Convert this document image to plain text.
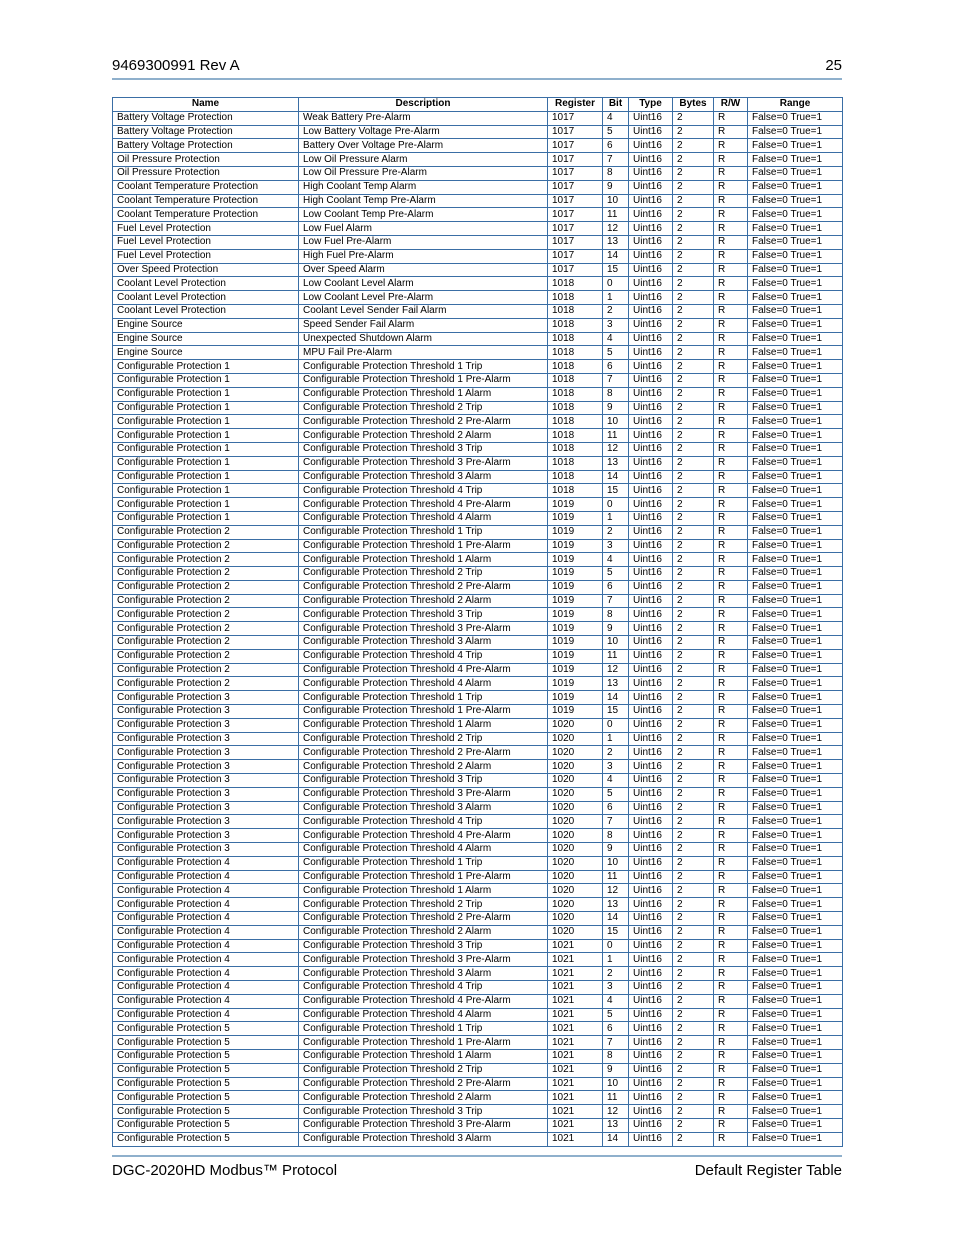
9469300991 Rev A	25
Name	Description	Register	Bit	Type	Bytes	R/W	Range
Battery Voltage Protection	Weak Battery Pre-Alarm	1017	4	Uint16	2	R	False=0 True=1
Battery Voltage Protection	Low Battery Voltage Pre-Alarm	1017	5	Uint16	2	R	False=0 True=1
Battery Voltage Protection	Battery Over Voltage Pre-Alarm	1017	6	Uint16	2	R	False=0 True=1
Oil Pressure Protection	Low Oil Pressure Alarm	1017	7	Uint16	2	R	False=0 True=1
Oil Pressure Protection	Low Oil Pressure Pre-Alarm	1017	8	Uint16	2	R	False=0 True=1
Coolant Temperature Protection	High Coolant Temp Alarm	1017	9	Uint16	2	R	False=0 True=1
Coolant Temperature Protection	High Coolant Temp Pre-Alarm	1017	10	Uint16	2	R	False=0 True=1
Coolant Temperature Protection	Low Coolant Temp Pre-Alarm	1017	11	Uint16	2	R	False=0 True=1
Fuel Level Protection	Low Fuel Alarm	1017	12	Uint16	2	R	False=0 True=1
Fuel Level Protection	Low Fuel Pre-Alarm	1017	13	Uint16	2	R	False=0 True=1
Fuel Level Protection	High Fuel Pre-Alarm	1017	14	Uint16	2	R	False=0 True=1
Over Speed Protection	Over Speed Alarm	1017	15	Uint16	2	R	False=0 True=1
Coolant Level Protection	Low Coolant Level Alarm	1018	0	Uint16	2	R	False=0 True=1
Coolant Level Protection	Low Coolant Level Pre-Alarm	1018	1	Uint16	2	R	False=0 True=1
Coolant Level Protection	Coolant Level Sender Fail Alarm	1018	2	Uint16	2	R	False=0 True=1
Engine Source	Speed Sender Fail Alarm	1018	3	Uint16	2	R	False=0 True=1
Engine Source	Unexpected Shutdown Alarm	1018	4	Uint16	2	R	False=0 True=1
Engine Source	MPU Fail Pre-Alarm	1018	5	Uint16	2	R	False=0 True=1
Configurable Protection 1	Configurable Protection Threshold 1 Trip	1018	6	Uint16	2	R	False=0 True=1
Configurable Protection 1	Configurable Protection Threshold 1 Pre-Alarm	1018	7	Uint16	2	R	False=0 True=1
Configurable Protection 1	Configurable Protection Threshold 1 Alarm	1018	8	Uint16	2	R	False=0 True=1
Configurable Protection 1	Configurable Protection Threshold 2 Trip	1018	9	Uint16	2	R	False=0 True=1
Configurable Protection 1	Configurable Protection Threshold 2 Pre-Alarm	1018	10	Uint16	2	R	False=0 True=1
Configurable Protection 1	Configurable Protection Threshold 2 Alarm	1018	11	Uint16	2	R	False=0 True=1
Configurable Protection 1	Configurable Protection Threshold 3 Trip	1018	12	Uint16	2	R	False=0 True=1
Configurable Protection 1	Configurable Protection Threshold 3 Pre-Alarm	1018	13	Uint16	2	R	False=0 True=1
Configurable Protection 1	Configurable Protection Threshold 3 Alarm	1018	14	Uint16	2	R	False=0 True=1
Configurable Protection 1	Configurable Protection Threshold 4 Trip	1018	15	Uint16	2	R	False=0 True=1
Configurable Protection 1	Configurable Protection Threshold 4 Pre-Alarm	1019	0	Uint16	2	R	False=0 True=1
Configurable Protection 1	Configurable Protection Threshold 4 Alarm	1019	1	Uint16	2	R	False=0 True=1
Configurable Protection 2	Configurable Protection Threshold 1 Trip	1019	2	Uint16	2	R	False=0 True=1
Configurable Protection 2	Configurable Protection Threshold 1 Pre-Alarm	1019	3	Uint16	2	R	False=0 True=1
Configurable Protection 2	Configurable Protection Threshold 1 Alarm	1019	4	Uint16	2	R	False=0 True=1
Configurable Protection 2	Configurable Protection Threshold 2 Trip	1019	5	Uint16	2	R	False=0 True=1
Configurable Protection 2	Configurable Protection Threshold 2 Pre-Alarm	1019	6	Uint16	2	R	False=0 True=1
Configurable Protection 2	Configurable Protection Threshold 2 Alarm	1019	7	Uint16	2	R	False=0 True=1
Configurable Protection 2	Configurable Protection Threshold 3 Trip	1019	8	Uint16	2	R	False=0 True=1
Configurable Protection 2	Configurable Protection Threshold 3 Pre-Alarm	1019	9	Uint16	2	R	False=0 True=1
Configurable Protection 2	Configurable Protection Threshold 3 Alarm	1019	10	Uint16	2	R	False=0 True=1
Configurable Protection 2	Configurable Protection Threshold 4 Trip	1019	11	Uint16	2	R	False=0 True=1
Configurable Protection 2	Configurable Protection Threshold 4 Pre-Alarm	1019	12	Uint16	2	R	False=0 True=1
Configurable Protection 2	Configurable Protection Threshold 4 Alarm	1019	13	Uint16	2	R	False=0 True=1
Configurable Protection 3	Configurable Protection Threshold 1 Trip	1019	14	Uint16	2	R	False=0 True=1
Configurable Protection 3	Configurable Protection Threshold 1 Pre-Alarm	1019	15	Uint16	2	R	False=0 True=1
Configurable Protection 3	Configurable Protection Threshold 1 Alarm	1020	0	Uint16	2	R	False=0 True=1
Configurable Protection 3	Configurable Protection Threshold 2 Trip	1020	1	Uint16	2	R	False=0 True=1
Configurable Protection 3	Configurable Protection Threshold 2 Pre-Alarm	1020	2	Uint16	2	R	False=0 True=1
Configurable Protection 3	Configurable Protection Threshold 2 Alarm	1020	3	Uint16	2	R	False=0 True=1
Configurable Protection 3	Configurable Protection Threshold 3 Trip	1020	4	Uint16	2	R	False=0 True=1
Configurable Protection 3	Configurable Protection Threshold 3 Pre-Alarm	1020	5	Uint16	2	R	False=0 True=1
Configurable Protection 3	Configurable Protection Threshold 3 Alarm	1020	6	Uint16	2	R	False=0 True=1
Configurable Protection 3	Configurable Protection Threshold 4 Trip	1020	7	Uint16	2	R	False=0 True=1
Configurable Protection 3	Configurable Protection Threshold 4 Pre-Alarm	1020	8	Uint16	2	R	False=0 True=1
Configurable Protection 3	Configurable Protection Threshold 4 Alarm	1020	9	Uint16	2	R	False=0 True=1
Configurable Protection 4	Configurable Protection Threshold 1 Trip	1020	10	Uint16	2	R	False=0 True=1
Configurable Protection 4	Configurable Protection Threshold 1 Pre-Alarm	1020	11	Uint16	2	R	False=0 True=1
Configurable Protection 4	Configurable Protection Threshold 1 Alarm	1020	12	Uint16	2	R	False=0 True=1
Configurable Protection 4	Configurable Protection Threshold 2 Trip	1020	13	Uint16	2	R	False=0 True=1
Configurable Protection 4	Configurable Protection Threshold 2 Pre-Alarm	1020	14	Uint16	2	R	False=0 True=1
Configurable Protection 4	Configurable Protection Threshold 2 Alarm	1020	15	Uint16	2	R	False=0 True=1
Configurable Protection 4	Configurable Protection Threshold 3 Trip	1021	0	Uint16	2	R	False=0 True=1
Configurable Protection 4	Configurable Protection Threshold 3 Pre-Alarm	1021	1	Uint16	2	R	False=0 True=1
Configurable Protection 4	Configurable Protection Threshold 3 Alarm	1021	2	Uint16	2	R	False=0 True=1
Configurable Protection 4	Configurable Protection Threshold 4 Trip	1021	3	Uint16	2	R	False=0 True=1
Configurable Protection 4	Configurable Protection Threshold 4 Pre-Alarm	1021	4	Uint16	2	R	False=0 True=1
Configurable Protection 4	Configurable Protection Threshold 4 Alarm	1021	5	Uint16	2	R	False=0 True=1
Configurable Protection 5	Configurable Protection Threshold 1 Trip	1021	6	Uint16	2	R	False=0 True=1
Configurable Protection 5	Configurable Protection Threshold 1 Pre-Alarm	1021	7	Uint16	2	R	False=0 True=1
Configurable Protection 5	Configurable Protection Threshold 1 Alarm	1021	8	Uint16	2	R	False=0 True=1
Configurable Protection 5	Configurable Protection Threshold 2 Trip	1021	9	Uint16	2	R	False=0 True=1
Configurable Protection 5	Configurable Protection Threshold 2 Pre-Alarm	1021	10	Uint16	2	R	False=0 True=1
Configurable Protection 5	Configurable Protection Threshold 2 Alarm	1021	11	Uint16	2	R	False=0 True=1
Configurable Protection 5	Configurable Protection Threshold 3 Trip	1021	12	Uint16	2	R	False=0 True=1
Configurable Protection 5	Configurable Protection Threshold 3 Pre-Alarm	1021	13	Uint16	2	R	False=0 True=1
Configurable Protection 5	Configurable Protection Threshold 3 Alarm	1021	14	Uint16	2	R	False=0 True=1
DGC-2020HD Modbus™ Protocol	Default Register Table
